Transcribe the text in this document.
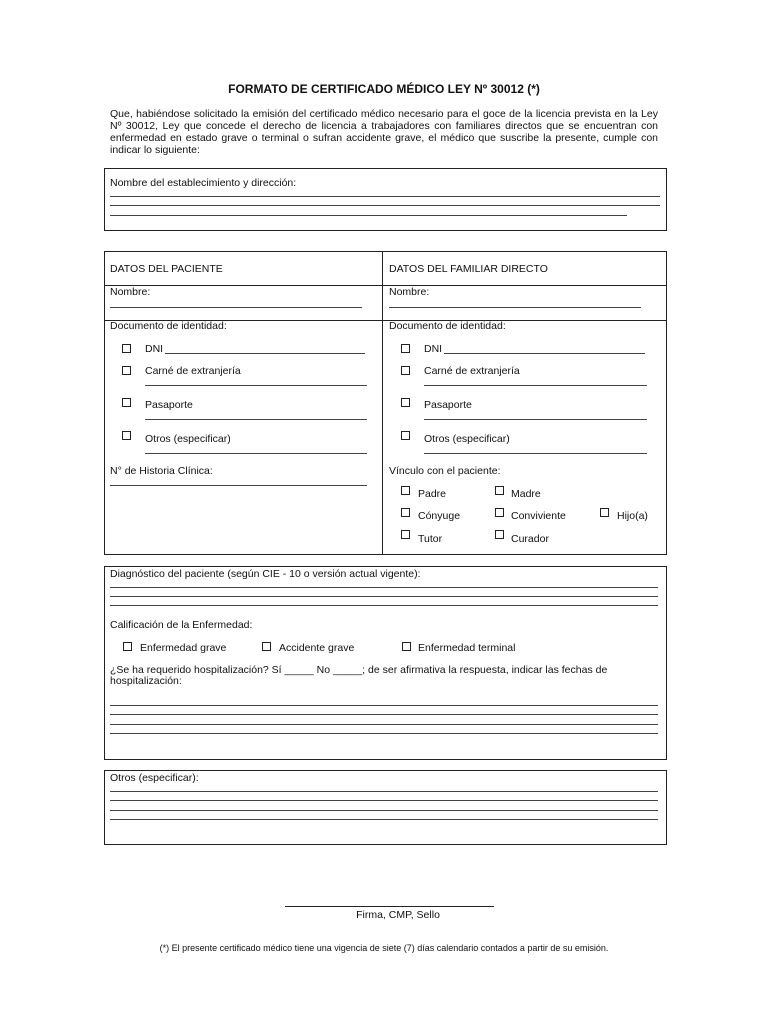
FORMATO DE CERTIFICADO MÉDICO LEY Nº 30012 (*)
Que, habiéndose solicitado la emisión del certificado médico necesario para el goce de la licencia prevista en la Ley Nº 30012, Ley que concede el derecho de licencia a trabajadores con familiares directos que se encuentran con enfermedad en estado grave o terminal o sufran accidente grave, el médico que suscribe la presente, cumple con indicar lo siguiente:
Nombre del establecimiento y dirección:
DATOS DEL PACIENTE
Nombre:
Documento de identidad:
DNI
Carné de extranjería
Pasaporte
Otros (especificar)
N° de Historia Clínica:
DATOS DEL FAMILIAR DIRECTO
Nombre:
Documento de identidad:
DNI
Carné de extranjería
Pasaporte
Otros (especificar)
Vínculo con el paciente:
Padre	Madre
Cónyuge	Conviviente	Hijo(a)
Tutor	Curador
Diagnóstico del paciente (según CIE - 10 o versión actual vigente):
Calificación de la Enfermedad:
Enfermedad grave	Accidente grave	Enfermedad terminal
¿Se ha requerido hospitalización? Sí _____ No _____; de ser afirmativa la respuesta, indicar las fechas de
hospitalización:
Otros (especificar):
Firma, CMP, Sello
(*) El presente certificado médico tiene una vigencia de siete (7) días calendario contados a partir de su emisión.
